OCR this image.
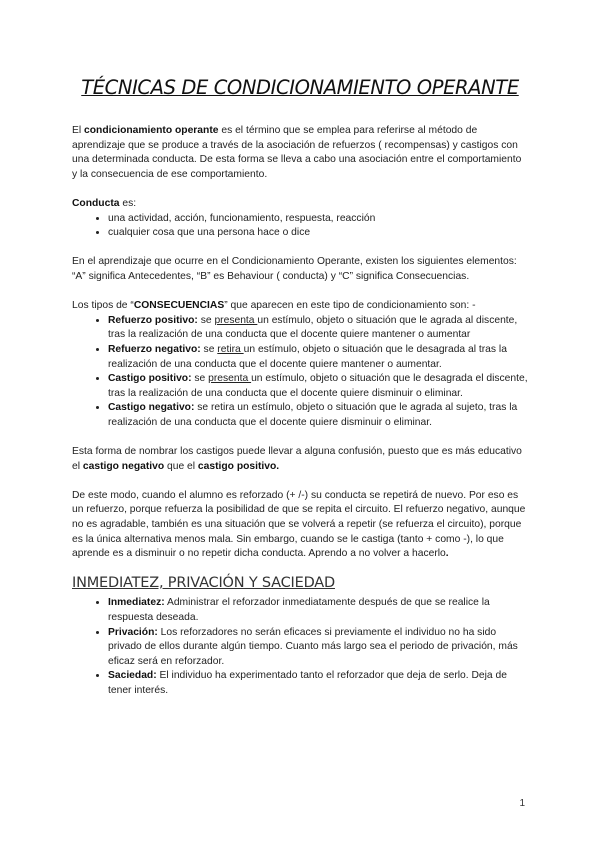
TÉCNICAS DE CONDICIONAMIENTO OPERANTE

El condicionamiento operante es el término que se emplea para referirse al método de aprendizaje que se produce a través de la asociación de refuerzos ( recompensas) y castigos con una determinada conducta. De esta forma se lleva a cabo una asociación entre el comportamiento y la consecuencia de ese comportamiento.

Conducta es:

• una actividad, acción, funcionamiento, respuesta, reacción
• cualquier cosa que una persona hace o dice

En el aprendizaje que ocurre en el Condicionamiento Operante, existen los siguientes elementos: “A” significa Antecedentes, “B” es Behaviour ( conducta) y “C” significa Consecuencias.

Los tipos de “CONSECUENCIAS” que aparecen en este tipo de condicionamiento son: -

• Refuerzo positivo: se presenta un estímulo, objeto o situación que le agrada al discente, tras la realización de una conducta que el docente quiere mantener o aumentar
• Refuerzo negativo: se retira un estímulo, objeto o situación que le desagrada al tras la realización de una conducta que el docente quiere mantener o aumentar.
• Castigo positivo: se presenta un estímulo, objeto o situación que le desagrada el discente, tras la realización de una conducta que el docente quiere disminuir o eliminar.
• Castigo negativo: se retira un estímulo, objeto o situación que le agrada al sujeto, tras la realización de una conducta que el docente quiere disminuir o eliminar.

Esta forma de nombrar los castigos puede llevar a alguna confusión, puesto que es más educativo el castigo negativo que el castigo positivo.

De este modo, cuando el alumno es reforzado (+ /-) su conducta se repetirá de nuevo. Por eso es un refuerzo, porque refuerza la posibilidad de que se repita el circuito. El refuerzo negativo, aunque no es agradable, también es una situación que se volverá a repetir (se refuerza el circuito), porque es la única alternativa menos mala. Sin embargo, cuando se le castiga (tanto + como -), lo que aprende es a disminuir o no repetir dicha conducta. Aprendo a no volver a hacerlo.

INMEDIATEZ, PRIVACIÓN Y SACIEDAD
• Inmediatez: Administrar el reforzador inmediatamente después de que se realice la respuesta deseada.
• Privación: Los reforzadores no serán eficaces si previamente el individuo no ha sido privado de ellos durante algún tiempo. Cuanto más largo sea el periodo de privación, más eficaz será en reforzador.
• Saciedad: El individuo ha experimentado tanto el reforzador que deja de serlo. Deja de tener interés.
1
